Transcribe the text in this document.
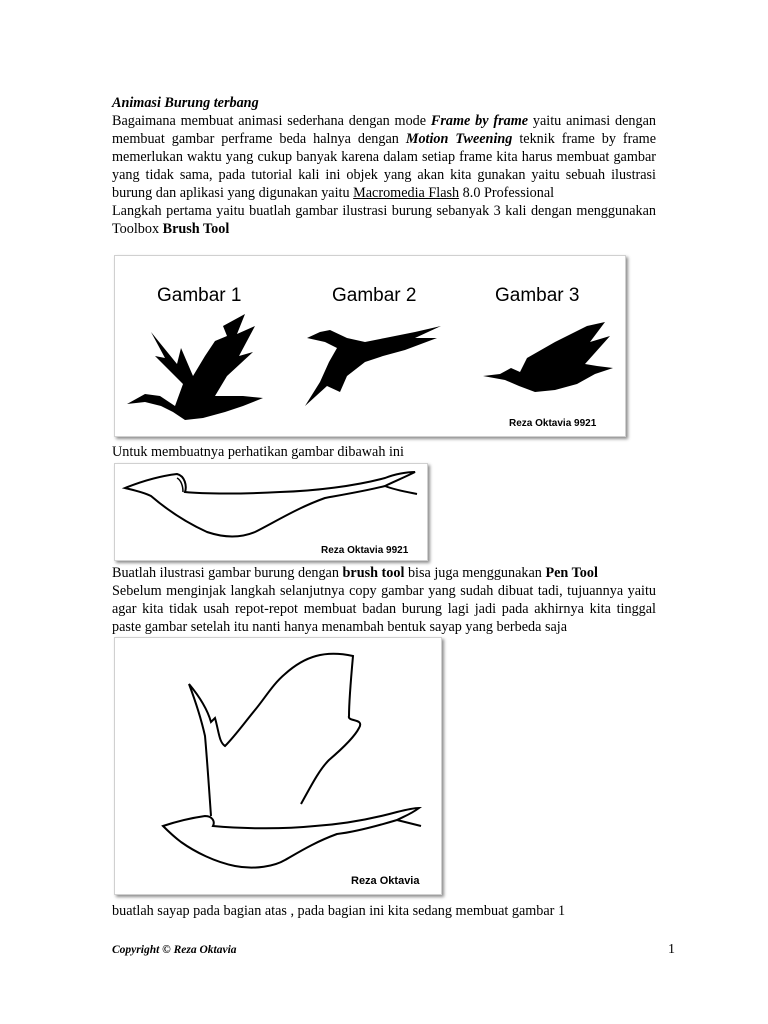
Animasi Burung terbang
Bagaimana membuat animasi sederhana dengan mode Frame by frame yaitu animasi dengan membuat gambar perframe beda halnya dengan Motion Tweening teknik frame by frame memerlukan waktu yang cukup banyak karena dalam setiap frame kita harus membuat gambar yang tidak sama, pada tutorial kali ini objek yang akan kita gunakan yaitu sebuah ilustrasi burung dan aplikasi yang digunakan yaitu Macromedia Flash 8.0 Professional
Langkah pertama yaitu buatlah gambar ilustrasi burung sebanyak 3 kali dengan menggunakan Toolbox Brush Tool
Gambar 1	Gambar 2	Gambar 3
Reza Oktavia 9921
Untuk membuatnya perhatikan gambar dibawah ini
Reza Oktavia 9921
Buatlah ilustrasi gambar burung dengan brush tool bisa juga menggunakan Pen Tool
Sebelum menginjak langkah selanjutnya copy gambar yang sudah dibuat tadi, tujuannya yaitu agar kita tidak usah repot-repot membuat badan burung lagi jadi pada akhirnya kita tinggal paste gambar setelah itu nanti hanya menambah bentuk sayap yang berbeda saja
Reza Oktavia
buatlah sayap pada bagian atas , pada bagian ini kita sedang membuat gambar 1
Copyright © Reza Oktavia	1
